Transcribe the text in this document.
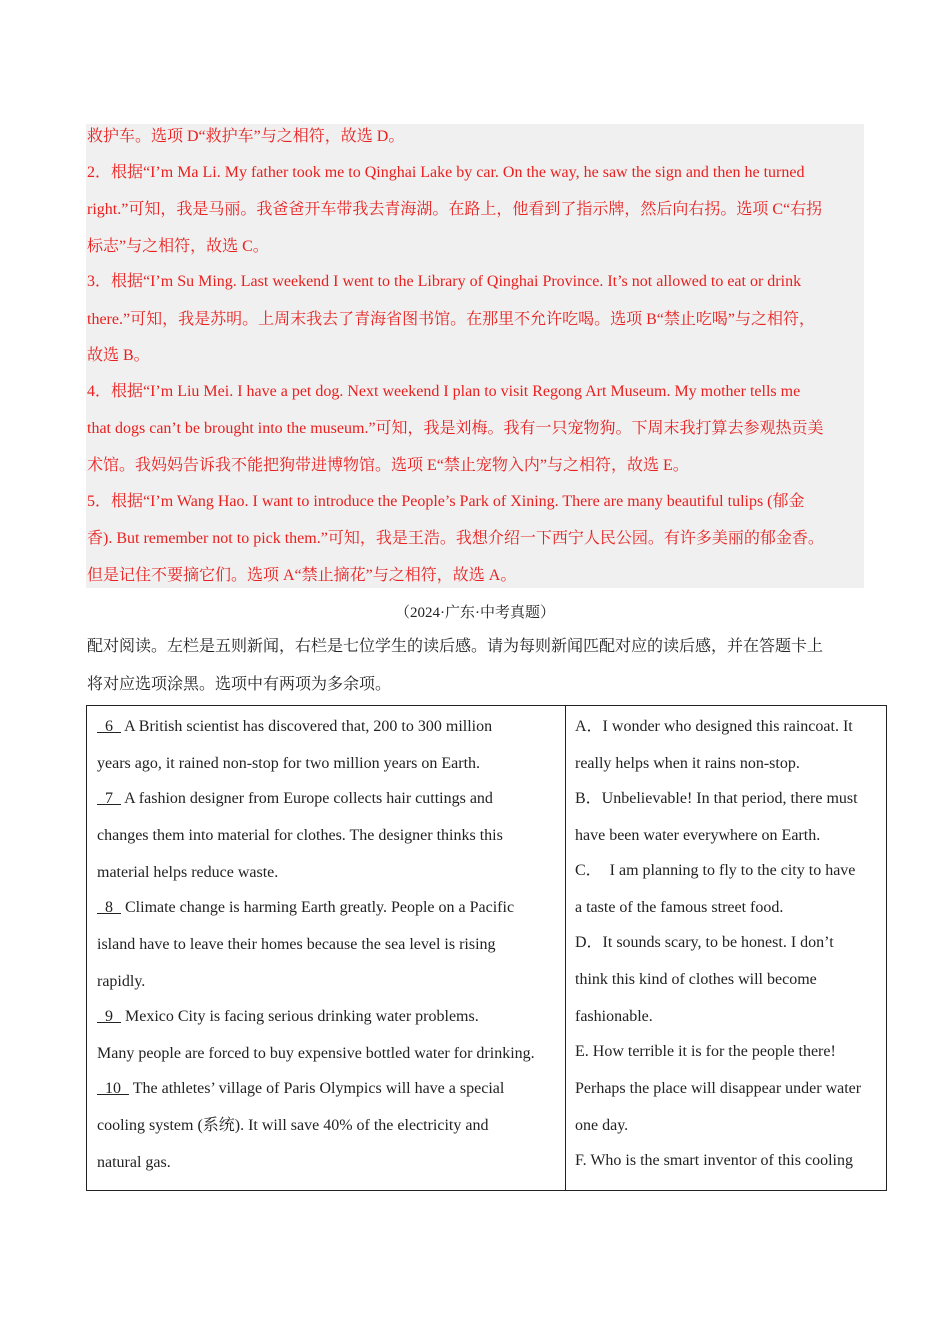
救护车。选项 D“救护车”与之相符，故选 D。
2．根据“I’m Ma Li. My father took me to Qinghai Lake by car. On the way, he saw the sign and then he turned
right.”可知，我是马丽。我爸爸开车带我去青海湖。在路上，他看到了指示牌，然后向右拐。选项 C“右拐
标志”与之相符，故选 C。
3．根据“I’m Su Ming. Last weekend I went to the Library of Qinghai Province. It’s not allowed to eat or drink
there.”可知，我是苏明。上周末我去了青海省图书馆。在那里不允许吃喝。选项 B“禁止吃喝”与之相符，
故选 B。
4．根据“I’m Liu Mei. I have a pet dog. Next weekend I plan to visit Regong Art Museum. My mother tells me
that dogs can’t be brought into the museum.”可知，我是刘梅。我有一只宠物狗。下周末我打算去参观热贡美
术馆。我妈妈告诉我不能把狗带进博物馆。选项 E“禁止宠物入内”与之相符，故选 E。
5．根据“I’m Wang Hao. I want to introduce the People’s Park of Xining. There are many beautiful tulips (郁金
香). But remember not to pick them.”可知，我是王浩。我想介绍一下西宁人民公园。有许多美丽的郁金香。
但是记住不要摘它们。选项 A“禁止摘花”与之相符，故选 A。
（2024·广东·中考真题）
配对阅读。左栏是五则新闻，右栏是七位学生的读后感。请为每则新闻匹配对应的读后感，并在答题卡上
将对应选项涂黑。选项中有两项为多余项。
6   A British scientist has discovered that, 200 to 300 million
years ago, it rained non-stop for two million years on Earth.
7   A fashion designer from Europe collects hair cuttings and
changes them into material for clothes. The designer thinks this
material helps reduce waste.
8   Climate change is harming Earth greatly. People on a Pacific
island have to leave their homes because the sea level is rising
rapidly.
9   Mexico City is facing serious drinking water problems.
Many people are forced to buy expensive bottled water for drinking.
10   The athletes’ village of Paris Olympics will have a special
cooling system (系统). It will save 40% of the electricity and
natural gas.

A．I wonder who designed this raincoat. It
really helps when it rains non-stop.
B．Unbelievable! In that period, there must
have been water everywhere on Earth.
C．  I am planning to fly to the city to have
a taste of the famous street food.
D．It sounds scary, to be honest. I don’t
think this kind of clothes will become
fashionable.
E. How terrible it is for the people there!
Perhaps the place will disappear under water
one day.
F. Who is the smart inventor of this cooling
